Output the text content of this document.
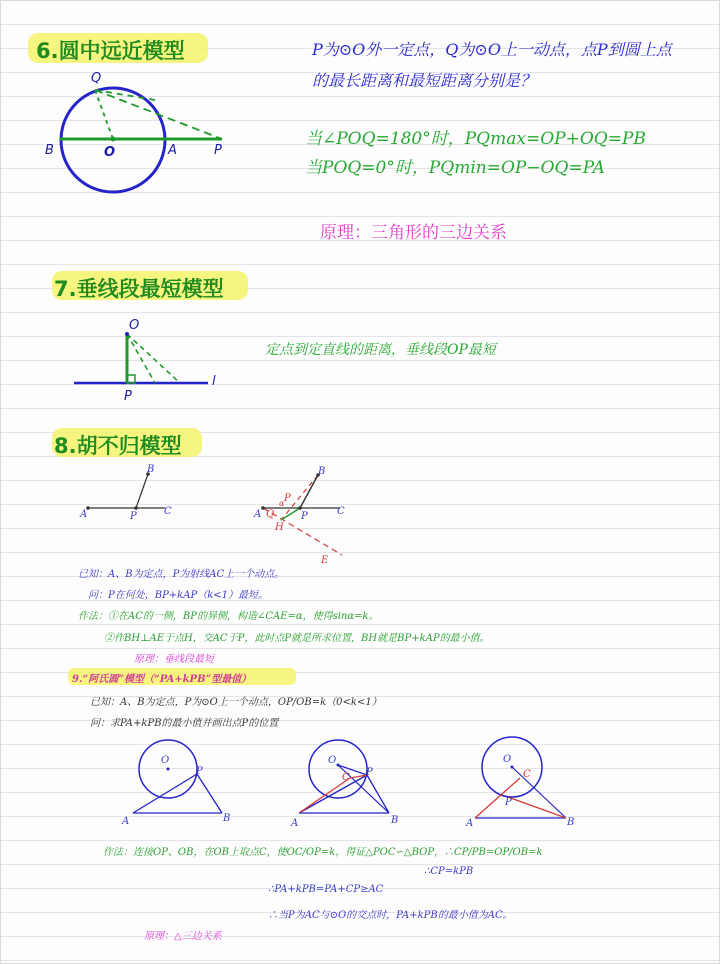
6.圆中远近模型	P为⊙O外一定点，Q为⊙O上一动点，点P到圆上点
的最长距离和最短距离分别是？
当∠POQ=180°时，PQmax=OP+OQ=PB
当POQ=0°时，PQmin=OP−OQ=PA
原理：三角形的三边关系
Q
B	O	A	P
7.垂线段最短模型
O
P
l
定点到定直线的距离，垂线段OP最短
8.胡不归模型
A	P
B
C	A Q
α
H
P
P	C
B
E
已知：A、B为定点，P为射线AC上一个动点。
问：P在何处，BP+kAP（k<1）最短。
作法：①在AC的一侧，BP的异侧，构造∠CAE=α，使得sinα=k。
②作BH⊥AE于点H，交AC于P，此时点P就是所求位置，BH就是BP+kAP的最小值。
原理：垂线段最短
9.“阿氏圆”模型（“PA+kPB”型最值）
已知：A、B为定点，P为⊙O上一个动点，OP/OB=k（0<k<1）
问：求PA+kPB的最小值并画出点P的位置
O
P
A	B
O
P
C
A	B
O
C
P
A	B
作法：连接OP、OB，在OB上取点C，使OC/OP=k，得证△POC∽△BOP，∴CP/PB=OP/OB=k
∴CP=kPB
∴PA+kPB=PA+CP≥AC
∴当P为AC与⊙O的交点时，PA+kPB的最小值为AC。
原理：△三边关系
